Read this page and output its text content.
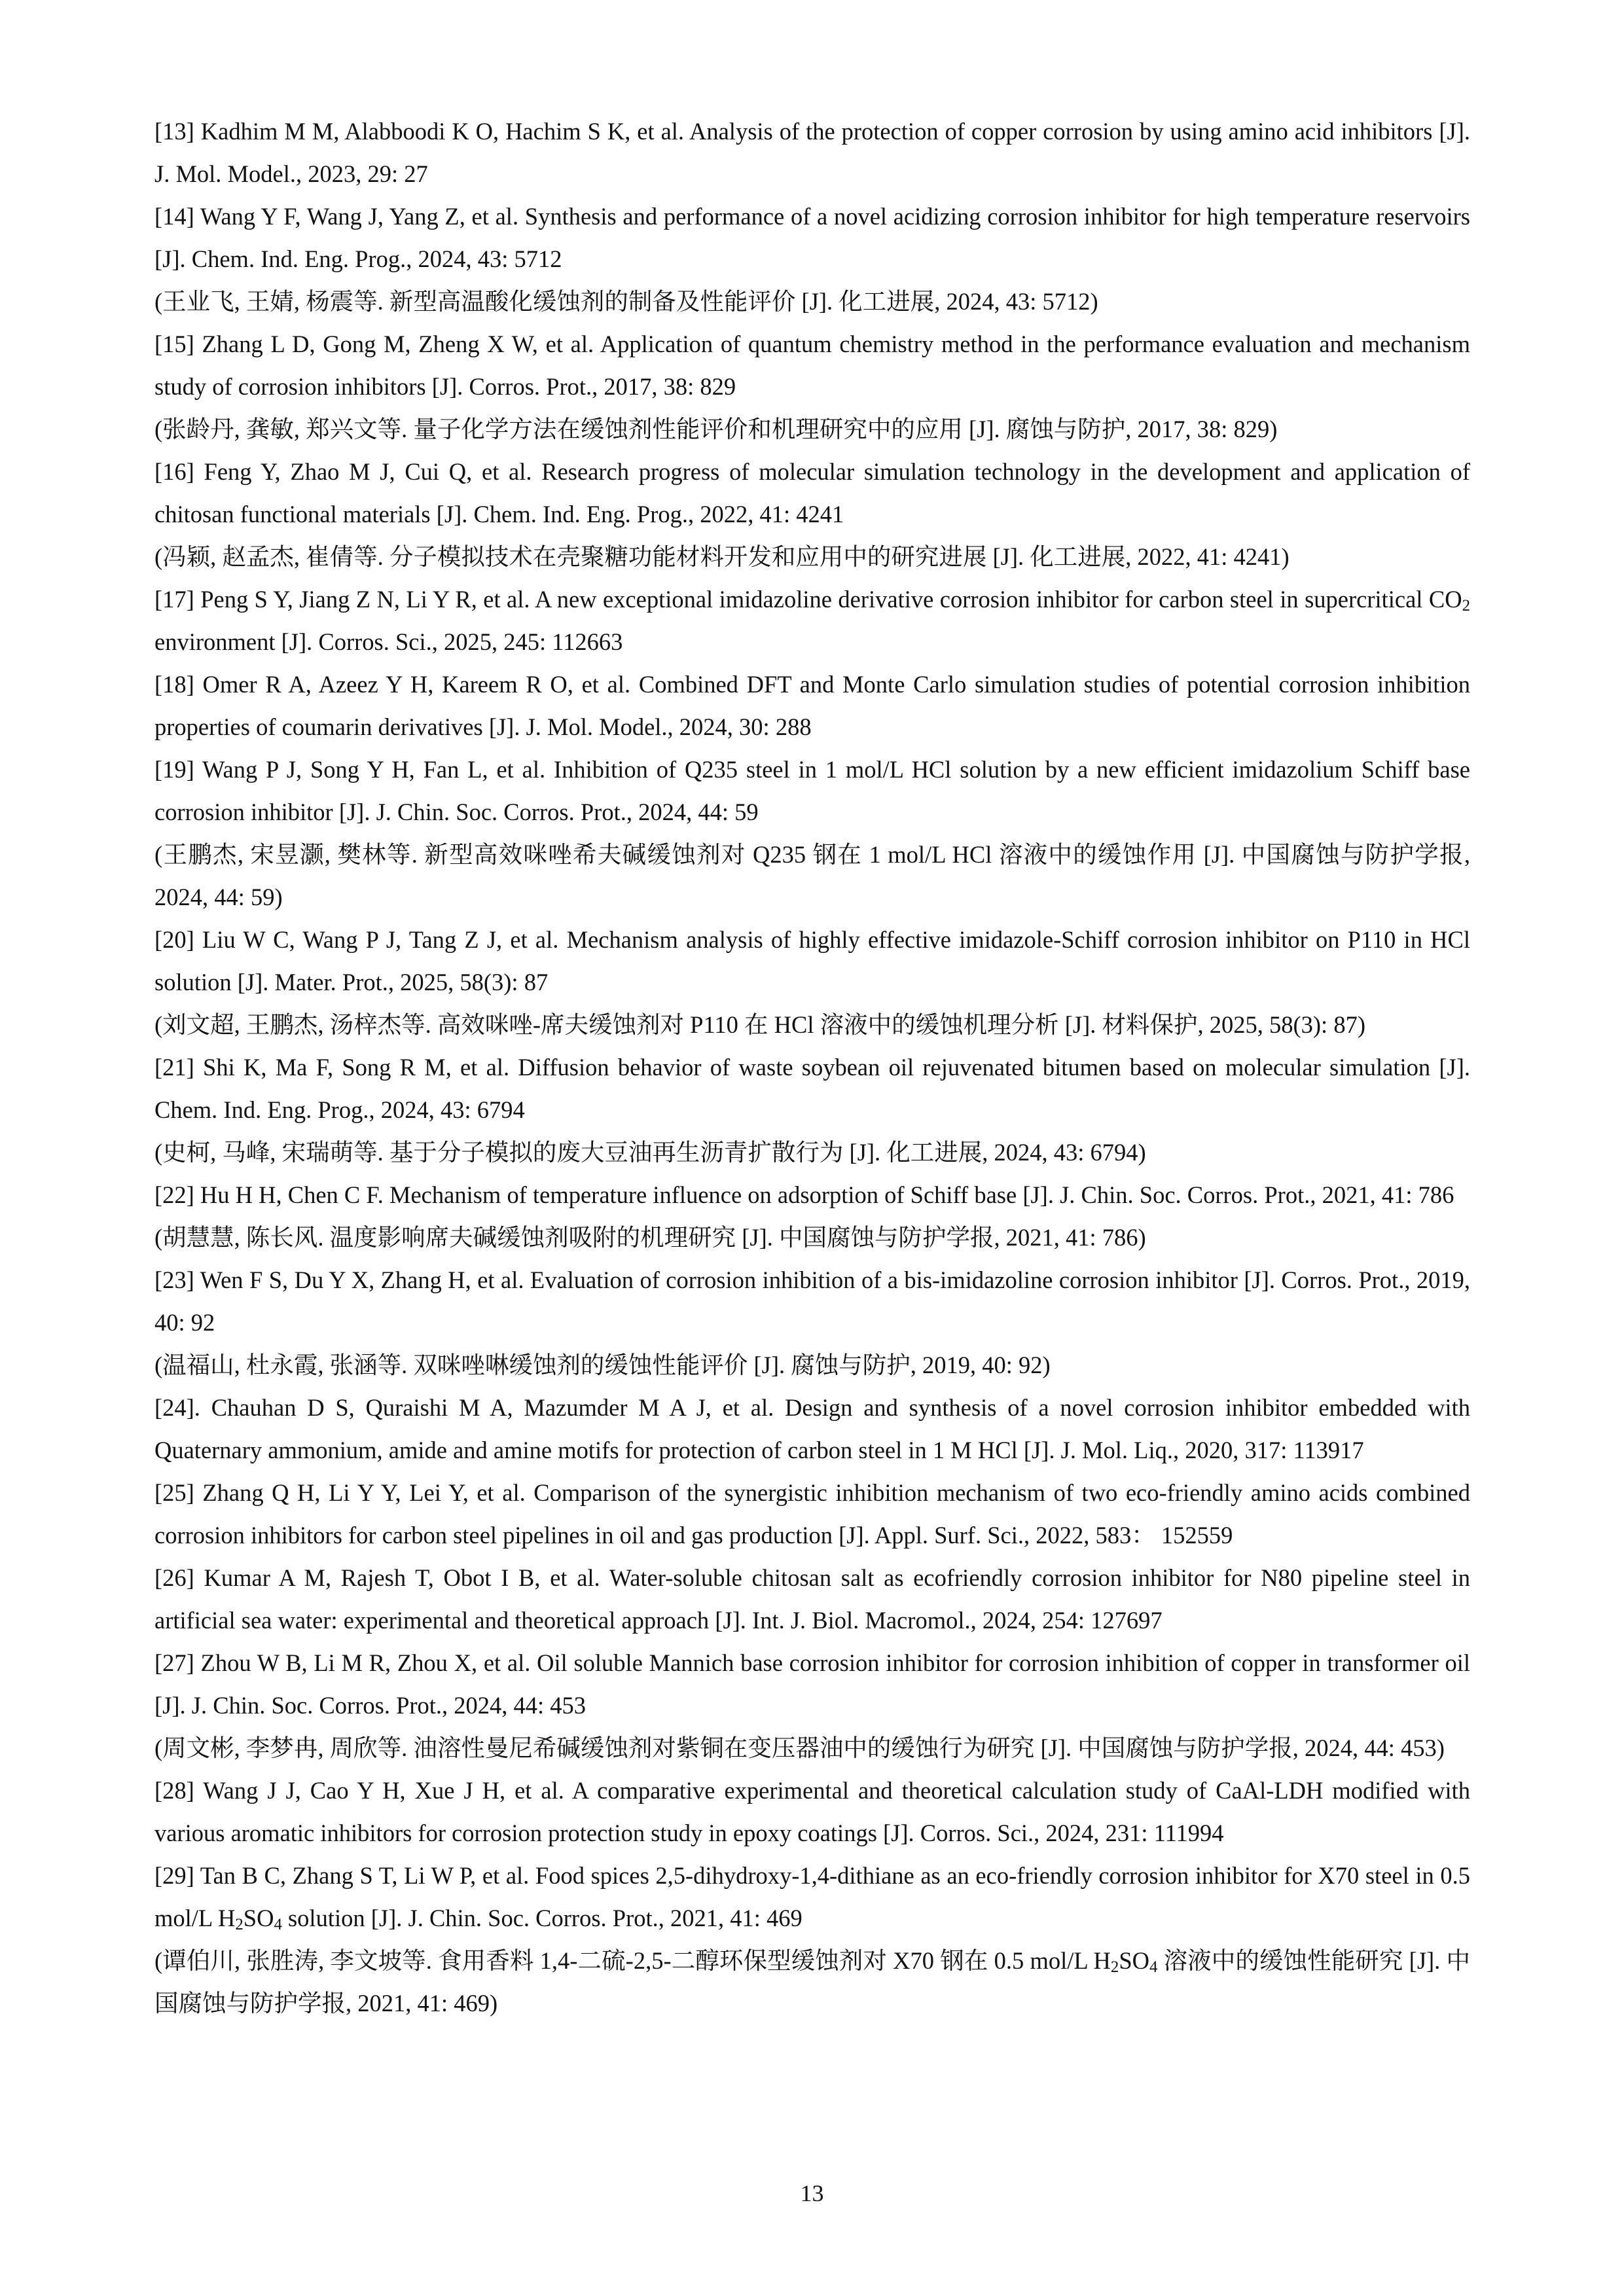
[13] Kadhim M M, Alabboodi K O, Hachim S K, et al. Analysis of the protection of copper corrosion by using amino acid inhibitors [J]. J. Mol. Model., 2023, 29: 27

[14] Wang Y F, Wang J, Yang Z, et al. Synthesis and performance of a novel acidizing corrosion inhibitor for high temperature reservoirs [J]. Chem. Ind. Eng. Prog., 2024, 43: 5712

(王业飞, 王婧, 杨震等. 新型高温酸化缓蚀剂的制备及性能评价 [J]. 化工进展, 2024, 43: 5712)

[15] Zhang L D, Gong M, Zheng X W, et al. Application of quantum chemistry method in the performance evaluation and mechanism study of corrosion inhibitors [J]. Corros. Prot., 2017, 38: 829

(张龄丹, 龚敏, 郑兴文等. 量子化学方法在缓蚀剂性能评价和机理研究中的应用 [J]. 腐蚀与防护, 2017, 38: 829)

[16] Feng Y, Zhao M J, Cui Q, et al. Research progress of molecular simulation technology in the development and application of chitosan functional materials [J]. Chem. Ind. Eng. Prog., 2022, 41: 4241

(冯颖, 赵孟杰, 崔倩等. 分子模拟技术在壳聚糖功能材料开发和应用中的研究进展 [J]. 化工进展, 2022, 41: 4241)

[17] Peng S Y, Jiang Z N, Li Y R, et al. A new exceptional imidazoline derivative corrosion inhibitor for carbon steel in supercritical $CO_2$ environment [J]. Corros. Sci., 2025, 245: 112663

[18] Omer R A, Azeez Y H, Kareem R O, et al. Combined DFT and Monte Carlo simulation studies of potential corrosion inhibition properties of coumarin derivatives [J]. J. Mol. Model., 2024, 30: 288

[19] Wang P J, Song Y H, Fan L, et al. Inhibition of Q235 steel in 1 mol/L HCl solution by a new efficient imidazolium Schiff base corrosion inhibitor [J]. J. Chin. Soc. Corros. Prot., 2024, 44: 59

(王鹏杰, 宋昱灏, 樊林等. 新型高效咪唑希夫碱缓蚀剂对 Q235 钢在 1 mol/L HCl 溶液中的缓蚀作用 [J]. 中国腐蚀与防护学报, 2024, 44: 59)

[20] Liu W C, Wang P J, Tang Z J, et al. Mechanism analysis of highly effective imidazole-Schiff corrosion inhibitor on P110 in HCl solution [J]. Mater. Prot., 2025, 58(3): 87

(刘文超, 王鹏杰, 汤梓杰等. 高效咪唑-席夫缓蚀剂对 P110 在 HCl 溶液中的缓蚀机理分析 [J]. 材料保护, 2025, 58(3): 87)

[21] Shi K, Ma F, Song R M, et al. Diffusion behavior of waste soybean oil rejuvenated bitumen based on molecular simulation [J]. Chem. Ind. Eng. Prog., 2024, 43: 6794

(史柯, 马峰, 宋瑞萌等. 基于分子模拟的废大豆油再生沥青扩散行为 [J]. 化工进展, 2024, 43: 6794)

[22] Hu H H, Chen C F. Mechanism of temperature influence on adsorption of Schiff base [J]. J. Chin. Soc. Corros. Prot., 2021, 41: 786

(胡慧慧, 陈长风. 温度影响席夫碱缓蚀剂吸附的机理研究 [J]. 中国腐蚀与防护学报, 2021, 41: 786)

[23] Wen F S, Du Y X, Zhang H, et al. Evaluation of corrosion inhibition of a bis-imidazoline corrosion inhibitor [J]. Corros. Prot., 2019, 40: 92

(温福山, 杜永霞, 张涵等. 双咪唑啉缓蚀剂的缓蚀性能评价 [J]. 腐蚀与防护, 2019, 40: 92)

[24]. Chauhan D S, Quraishi M A, Mazumder M A J, et al. Design and synthesis of a novel corrosion inhibitor embedded with Quaternary ammonium, amide and amine motifs for protection of carbon steel in 1 M HCl [J]. J. Mol. Liq., 2020, 317: 113917

[25] Zhang Q H, Li Y Y, Lei Y, et al. Comparison of the synergistic inhibition mechanism of two eco-friendly amino acids combined corrosion inhibitors for carbon steel pipelines in oil and gas production [J]. Appl. Surf. Sci., 2022, 583： 152559

[26] Kumar A M, Rajesh T, Obot I B, et al. Water-soluble chitosan salt as ecofriendly corrosion inhibitor for N80 pipeline steel in artificial sea water: experimental and theoretical approach [J]. Int. J. Biol. Macromol., 2024, 254: 127697

[27] Zhou W B, Li M R, Zhou X, et al. Oil soluble Mannich base corrosion inhibitor for corrosion inhibition of copper in transformer oil [J]. J. Chin. Soc. Corros. Prot., 2024, 44: 453

(周文彬, 李梦冉, 周欣等. 油溶性曼尼希碱缓蚀剂对紫铜在变压器油中的缓蚀行为研究 [J]. 中国腐蚀与防护学报, 2024, 44: 453)

[28] Wang J J, Cao Y H, Xue J H, et al. A comparative experimental and theoretical calculation study of CaAl-LDH modified with various aromatic inhibitors for corrosion protection study in epoxy coatings [J]. Corros. Sci., 2024, 231: 111994

[29] Tan B C, Zhang S T, Li W P, et al. Food spices 2,5-dihydroxy-1,4-dithiane as an eco-friendly corrosion inhibitor for X70 steel in 0.5 mol/L $H_2SO_4$ solution [J]. J. Chin. Soc. Corros. Prot., 2021, 41: 469

(谭伯川, 张胜涛, 李文坡等. 食用香料 1,4-二硫-2,5-二醇环保型缓蚀剂对 X70 钢在 0.5 mol/L $H_2SO_4$ 溶液中的缓蚀性能研究 [J]. 中国腐蚀与防护学报, 2021, 41: 469)

13
